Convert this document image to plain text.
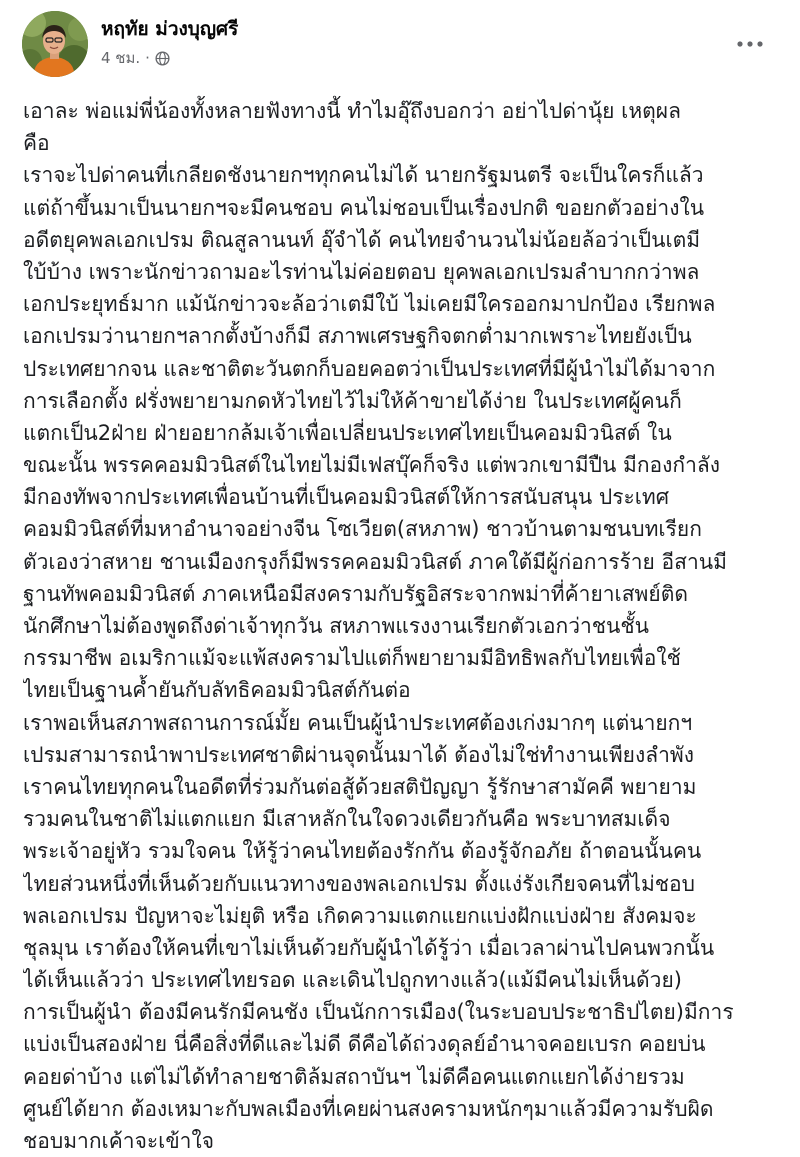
หฤทัย ม่วงบุญศรี
4 ชม. ·
เอาละ พ่อแม่พี่น้องทั้งหลายฟังทางนี้ ทำไมอุ๊ถึงบอกว่า อย่าไปด่านุ้ย เหตุผล
คือ
เราจะไปด่าคนที่เกลียดชังนายกฯทุกคนไม่ได้ นายกรัฐมนตรี จะเป็นใครก็แล้ว
แต่ถ้าขึ้นมาเป็นนายกฯจะมีคนชอบ คนไม่ชอบเป็นเรื่องปกติ ขอยกตัวอย่างใน
อดีตยุคพลเอกเปรม ติณสูลานนท์ อุ๊จำได้ คนไทยจำนวนไม่น้อยล้อว่าเป็นเตมี
ใบ้บ้าง เพราะนักข่าวถามอะไรท่านไม่ค่อยตอบ ยุคพลเอกเปรมลำบากกว่าพล
เอกประยุทธ์มาก แม้นักข่าวจะล้อว่าเตมีใบ้ ไม่เคยมีใครออกมาปกป้อง เรียกพล
เอกเปรมว่านายกฯลากตั้งบ้างก็มี สภาพเศรษฐกิจตกต่ำมากเพราะไทยยังเป็น
ประเทศยากจน และชาติตะวันตกก็บอยคอตว่าเป็นประเทศที่มีผู้นำไม่ได้มาจาก
การเลือกตั้ง ฝรั่งพยายามกดหัวไทยไว้ไม่ให้ค้าขายได้ง่าย ในประเทศผู้คนก็
แตกเป็น2ฝ่าย ฝ่ายอยากล้มเจ้าเพื่อเปลี่ยนประเทศไทยเป็นคอมมิวนิสต์ ใน
ขณะนั้น พรรคคอมมิวนิสต์ในไทยไม่มีเฟสบุ๊คก็จริง แต่พวกเขามีปืน มีกองกำลัง
มีกองทัพจากประเทศเพื่อนบ้านที่เป็นคอมมิวนิสต์ให้การสนับสนุน ประเทศ
คอมมิวนิสต์ที่มหาอำนาจอย่างจีน โซเวียต(สหภาพ) ชาวบ้านตามชนบทเรียก
ตัวเองว่าสหาย ชานเมืองกรุงก็มีพรรคคอมมิวนิสต์ ภาคใต้มีผู้ก่อการร้าย อีสานมี
ฐานทัพคอมมิวนิสต์ ภาคเหนือมีสงครามกับรัฐอิสระจากพม่าที่ค้ายาเสพย์ติด
นักศึกษาไม่ต้องพูดถึงด่าเจ้าทุกวัน สหภาพแรงงานเรียกตัวเอกว่าชนชั้น
กรรมาชีพ อเมริกาแม้จะแพ้สงครามไปแต่ก็พยายามมีอิทธิพลกับไทยเพื่อใช้
ไทยเป็นฐานค้ำยันกับลัทธิคอมมิวนิสต์กันต่อ
เราพอเห็นสภาพสถานการณ์มั้ย คนเป็นผู้นำประเทศต้องเก่งมากๆ แต่นายกฯ
เปรมสามารถนำพาประเทศชาติผ่านจุดนั้นมาได้ ต้องไม่ใช่ทำงานเพียงลำพัง
เราคนไทยทุกคนในอดีตที่ร่วมกันต่อสู้ด้วยสติปัญญา รู้รักษาสามัคคี พยายาม
รวมคนในชาติไม่แตกแยก มีเสาหลักในใจดวงเดียวกันคือ พระบาทสมเด็จ
พระเจ้าอยู่หัว รวมใจคน ให้รู้ว่าคนไทยต้องรักกัน ต้องรู้จักอภัย ถ้าตอนนั้นคน
ไทยส่วนหนึ่งที่เห็นด้วยกับแนวทางของพลเอกเปรม ตั้งแง่รังเกียจคนที่ไม่ชอบ
พลเอกเปรม ปัญหาจะไม่ยุติ หรือ เกิดความแตกแยกแบ่งฝักแบ่งฝ่าย สังคมจะ
ชุลมุน เราต้องให้คนที่เขาไม่เห็นด้วยกับผู้นำได้รู้ว่า เมื่อเวลาผ่านไปคนพวกนั้น
ได้เห็นแล้วว่า ประเทศไทยรอด และเดินไปถูกทางแล้ว(แม้มีคนไม่เห็นด้วย)
การเป็นผู้นำ ต้องมีคนรักมีคนชัง เป็นนักการเมือง(ในระบอบประชาธิปไตย)มีการ
แบ่งเป็นสองฝ่าย นี่คือสิ่งที่ดีและไม่ดี ดีคือได้ถ่วงดุลย์อำนาจคอยเบรก คอยบ่น
คอยด่าบ้าง แต่ไม่ได้ทำลายชาติล้มสถาบันฯ ไม่ดีคือคนแตกแยกได้ง่ายรวม
ศูนย์ได้ยาก ต้องเหมาะกับพลเมืองที่เคยผ่านสงครามหนักๆมาแล้วมีความรับผิด
ชอบมากเค้าจะเข้าใจ
